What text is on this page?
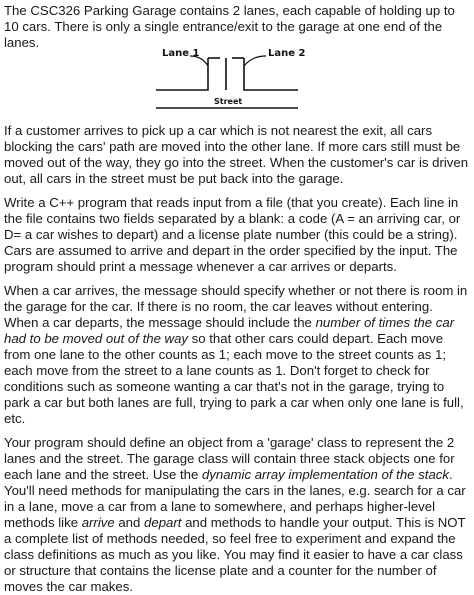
The CSC326 Parking Garage contains 2 lanes, each capable of holding up to 10 cars. There is only a single entrance/exit to the garage at one end of the lanes.

Lane 1	Lane 2
Street

If a customer arrives to pick up a car which is not nearest the exit, all cars blocking the cars' path are moved into the other lane. If more cars still must be moved out of the way, they go into the street. When the customer's car is driven out, all cars in the street must be put back into the garage.

Write a C++ program that reads input from a file (that you create). Each line in the file contains two fields separated by a blank: a code (A = an arriving car, or D= a car wishes to depart) and a license plate number (this could be a string). Cars are assumed to arrive and depart in the order specified by the input. The program should print a message whenever a car arrives or departs.

When a car arrives, the message should specify whether or not there is room in the garage for the car. If there is no room, the car leaves without entering. When a car departs, the message should include the number of times the car had to be moved out of the way so that other cars could depart. Each move from one lane to the other counts as 1; each move to the street counts as 1; each move from the street to a lane counts as 1. Don't forget to check for conditions such as someone wanting a car that's not in the garage, trying to park a car but both lanes are full, trying to park a car when only one lane is full, etc.

Your program should define an object from a 'garage' class to represent the 2 lanes and the street. The garage class will contain three stack objects one for each lane and the street. Use the dynamic array implementation of the stack. You'll need methods for manipulating the cars in the lanes, e.g. search for a car in a lane, move a car from a lane to somewhere, and perhaps higher-level methods like arrive and depart and methods to handle your output. This is NOT a complete list of methods needed, so feel free to experiment and expand the class definitions as much as you like. You may find it easier to have a car class or structure that contains the license plate and a counter for the number of moves the car makes.
